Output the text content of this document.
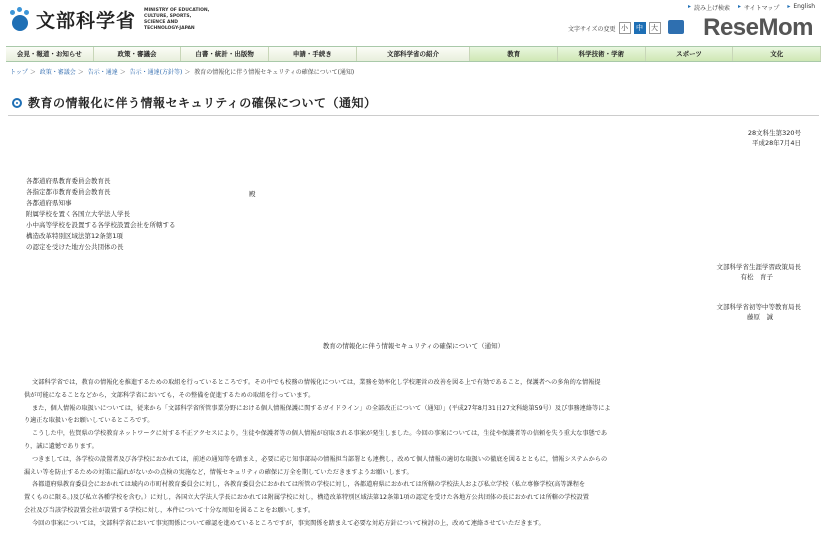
文部科学省 MINISTRY OF EDUCATION, CULTURE, SPORTS, SCIENCE AND TECHNOLOGY-JAPAN
▸ 読み上げ検索	▸ サイトマップ	▸ English
文字サイズの変更 小	中	大 ReseMom
会見・報道・お知らせ	政策・審議会	白書・統計・出版物	申請・手続き	文部科学省の紹介	教育	科学技術・学術	スポーツ	文化
トップ ＞ 政策・審議会 ＞ 告示・通達 ＞ 告示・通達(方針等) ＞ 教育の情報化に伴う情報セキュリティの確保について(通知)
教育の情報化に伴う情報セキュリティの確保について（通知）
28文科生第320号
平成28年7月4日
各都道府県教育委員会教育長
各指定都市教育委員会教育長
各都道府県知事
附属学校を置く各国立大学法人学長
小中高等学校を設置する各学校設置会社を所轄する
構造改革特別区域法第12条第1項
の認定を受けた地方公共団体の長
殿
文部科学省生涯学習政策局長
有松　育子
文部科学省初等中等教育局長
藤原　誠
教育の情報化に伴う情報セキュリティの確保について（通知）

文部科学省では，教育の情報化を推進するための取組を行っているところです。その中でも校務の情報化については，業務を効率化し学校運営の改善を図る上で有効であること，保護者への多角的な情報提

供が可能になることなどから，文部科学省においても，その整備を促進するための取組を行っています。

また，個人情報の取扱いについては，従来から「文部科学省所管事業分野における個人情報保護に関するガイドライン」の全部改正について（通知）」(平成27年8月31日27文科総第59号）及び事務連絡等によ

り適正な取扱いをお願いしているところです。

こうした中，佐賀県の学校教育ネットワークに対する不正アクセスにより，生徒や保護者等の個人情報が窃取される事案が発生しました。今回の事案については，生徒や保護者等の信頼を失う重大な事態であ

り，誠に遺憾であります。

つきましては，各学校の設置者及び各学校におかれては，前述の通知等を踏まえ，必要に応じ知事部局の情報担当部署とも連携し，改めて個人情報の適切な取扱いの徹底を図るとともに，情報システムからの

漏えい等を防止するための対策に漏れがないかの点検の実施など，情報セキュリティの確保に万全を期していただきますようお願いします。

各都道府県教育委員会におかれては域内の市町村教育委員会に対し，各教育委員会におかれては所管の学校に対し，各都道府県におかれては所轄の学校法人および私立学校（私立専修学校(高等課程を

置くものに限る。)及び私立各種学校を含む。）に対し，各国立大学法人学長におかれては附属学校に対し，構造改革特別区域法第12条第1項の認定を受けた各地方公共団体の長におかれては所轄の学校設置

会社及び当該学校設置会社が設置する学校に対し，本件について十分な周知を図ることをお願いします。

今回の事案については，文部科学省において事実関係について確認を進めているところですが，事実関係を踏まえて必要な対応方針について検討の上，改めて連絡させていただきます。
